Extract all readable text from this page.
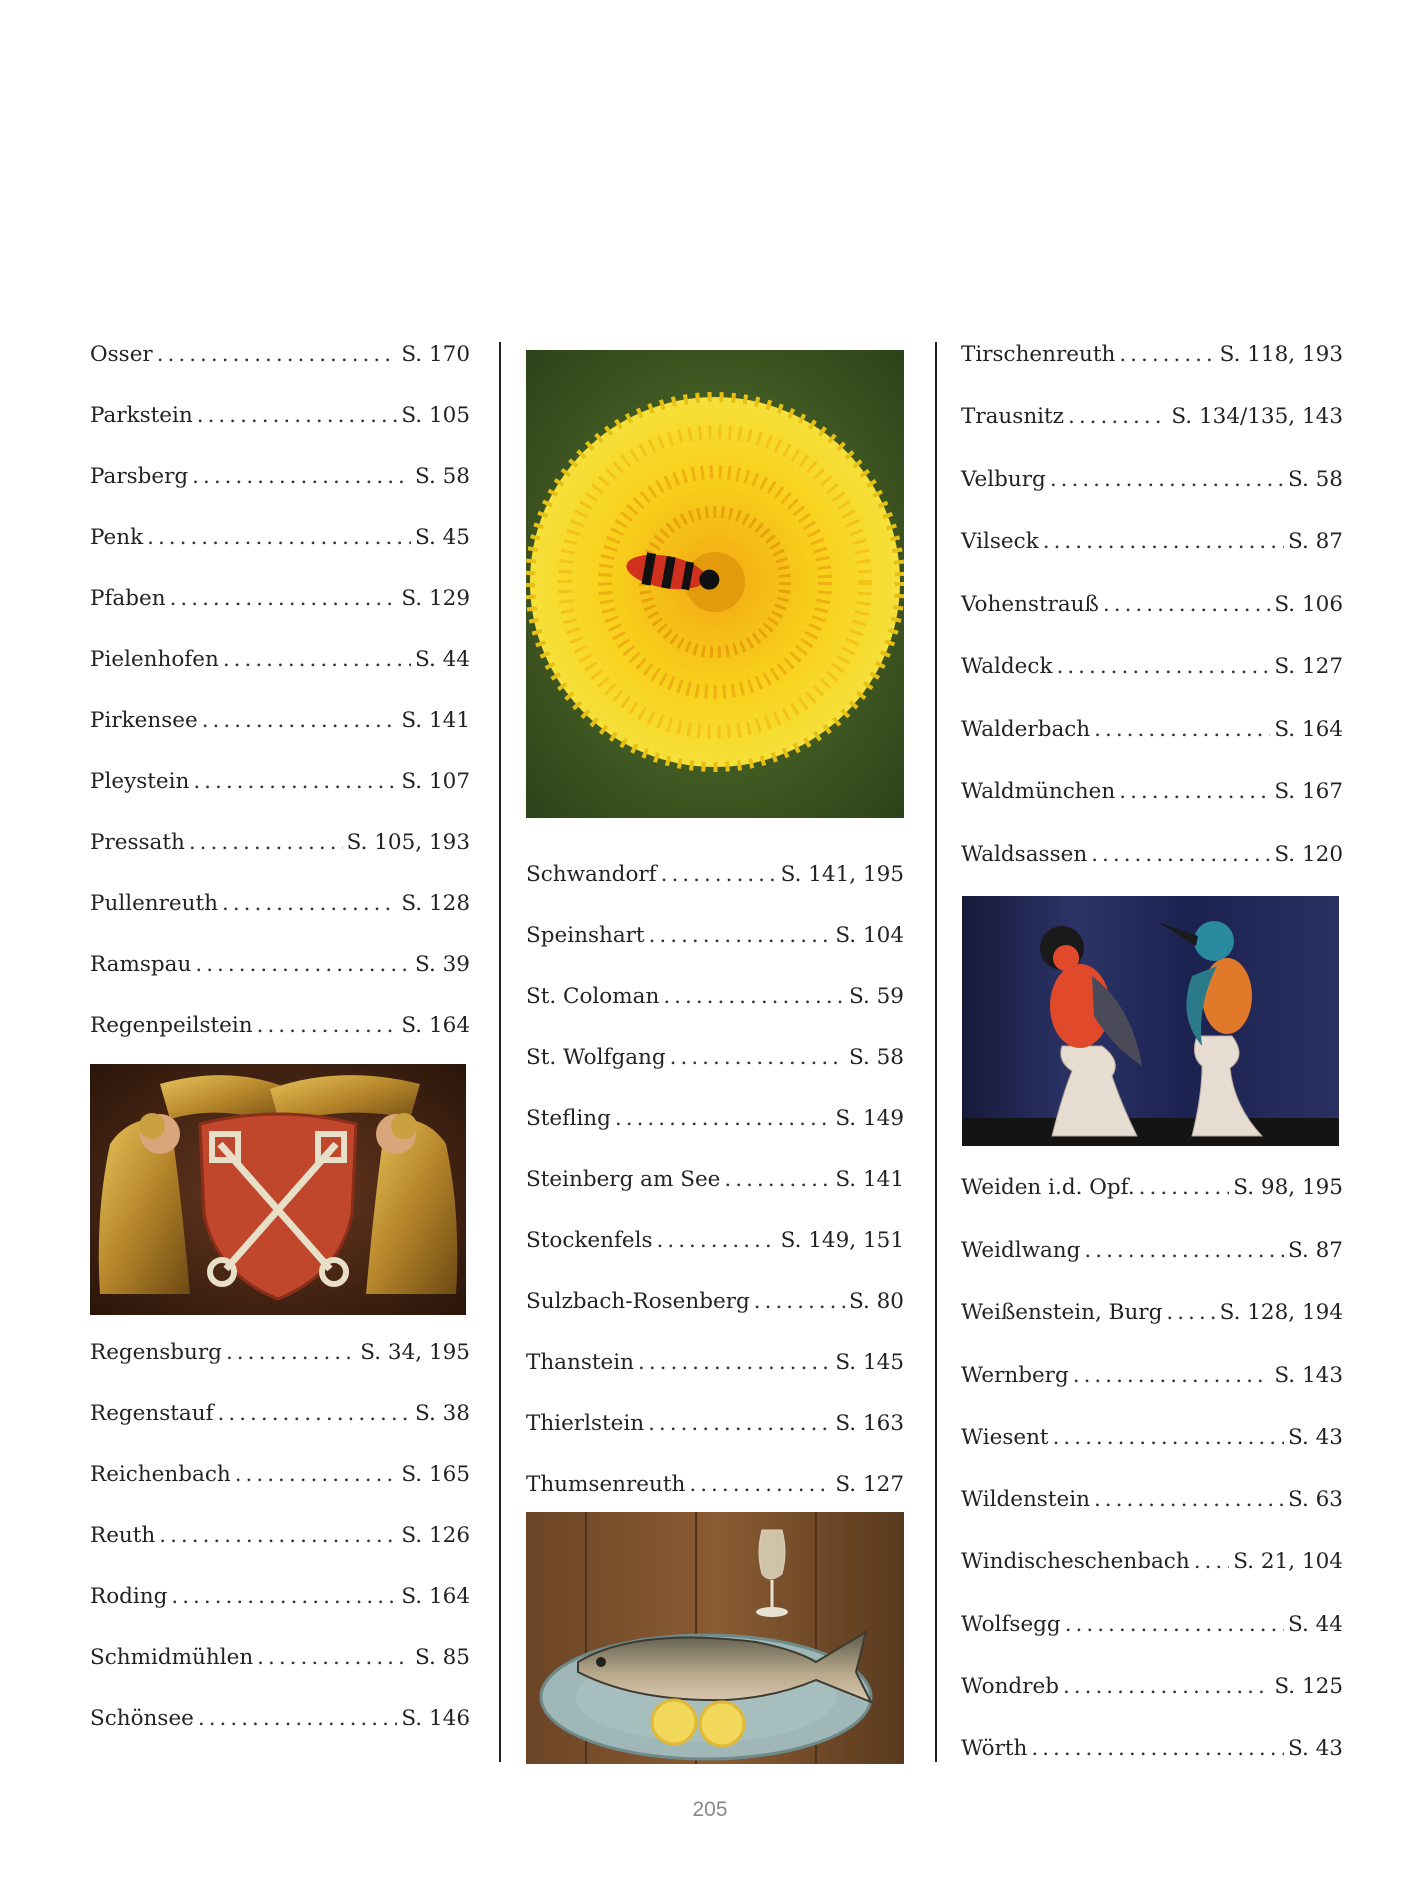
Osser .....	S. 170
Parkstein .....	S. 105
Parsberg .....	S. 58
Penk .....	S. 45
Pfaben .....	S. 129
Pielenhofen .....	S. 44
Pirkensee .....	S. 141
Pleystein .....	S. 107
Pressath .....	S. 105, 193
Pullenreuth .....	S. 128
Ramspau .....	S. 39
Regenpeilstein .....	S. 164
Regensburg .....	S. 34, 195
Regenstauf .....	S. 38
Reichenbach .....	S. 165
Reuth .....	S. 126
Roding .....	S. 164
Schmidmühlen .....	S. 85
Schönsee .....	S. 146
Schwandorf .....	S. 141, 195
Speinshart .....	S. 104
St. Coloman .....	S. 59
St. Wolfgang .....	S. 58
Stefling .....	S. 149
Steinberg am See .....	S. 141
Stockenfels .....	S. 149, 151
Sulzbach-Rosenberg .....	S. 80
Thanstein .....	S. 145
Thierlstein .....	S. 163
Thumsenreuth .....	S. 127
Tirschenreuth .....	S. 118, 193
Trausnitz .....	S. 134/135, 143
Velburg .....	S. 58
Vilseck .....	S. 87
Vohenstrauß .....	S. 106
Waldeck .....	S. 127
Walderbach .....	S. 164
Waldmünchen .....	S. 167
Waldsassen .....	S. 120
Weiden i.d. Opf. .....	S. 98, 195
Weidlwang .....	S. 87
Weißenstein, Burg .....	S. 128, 194
Wernberg .....	S. 143
Wiesent .....	S. 43
Wildenstein .....	S. 63
Windischeschenbach ..... S. 21, 104
Wolfsegg .....	S. 44
Wondreb .....	S. 125
Wörth .....	S. 43
205
